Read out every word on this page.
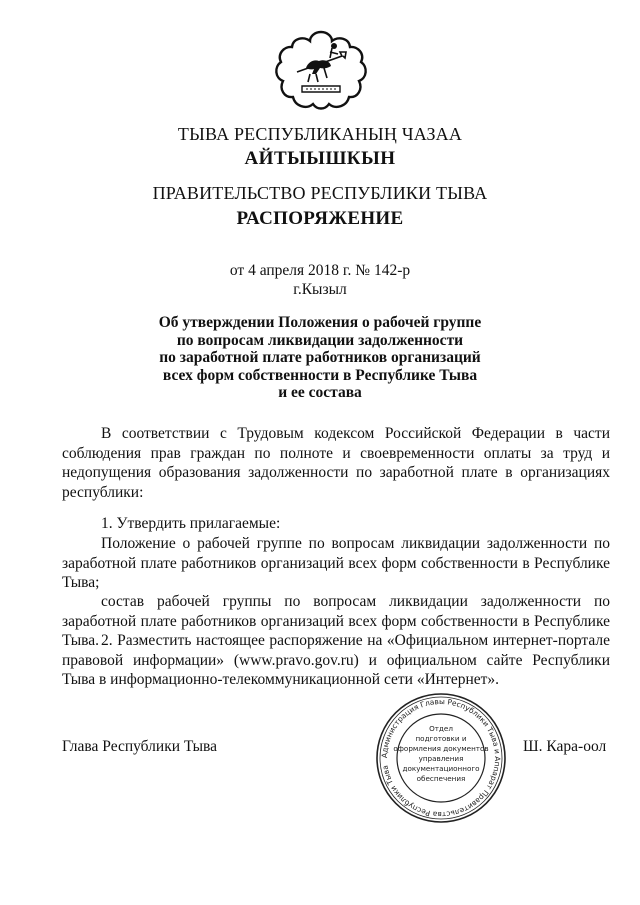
ТЫВА РЕСПУБЛИКАНЫҢ ЧАЗАА
АЙТЫЫШКЫН
ПРАВИТЕЛЬСТВО РЕСПУБЛИКИ ТЫВА
РАСПОРЯЖЕНИЕ
от 4 апреля 2018 г. № 142-р
г.Кызыл
Об утверждении Положения о рабочей группе
по вопросам ликвидации задолженности
по заработной плате работников организаций
всех форм собственности в Республике Тыва
и ее состава

В соответствии с Трудовым кодексом Российской Федерации в части соблюдения прав граждан по полноте и своевременности оплаты за труд и недопущения образования задолженности по заработной плате в организациях республики:

1. Утвердить прилагаемые:

Положение о рабочей группе по вопросам ликвидации задолженности по заработной плате работников организаций всех форм собственности в Республике Тыва;

состав рабочей группы по вопросам ликвидации задолженности по заработной плате работников организаций всех форм собственности в Республике Тыва. 2. Разместить настоящее распоряжение на «Официальном интернет-портале правовой информации» (www.pravo.gov.ru) и официальном сайте Республики Тыва в информационно-телекоммуникационной сети «Интернет».

Глава Республики Тыва	Ш. Кара-оол
Администрация Главы Республики Тыва и Аппарат Правительства Республики Тыва
Отдел
подготовки и
оформления документов
управления
документационного
обеспечения
